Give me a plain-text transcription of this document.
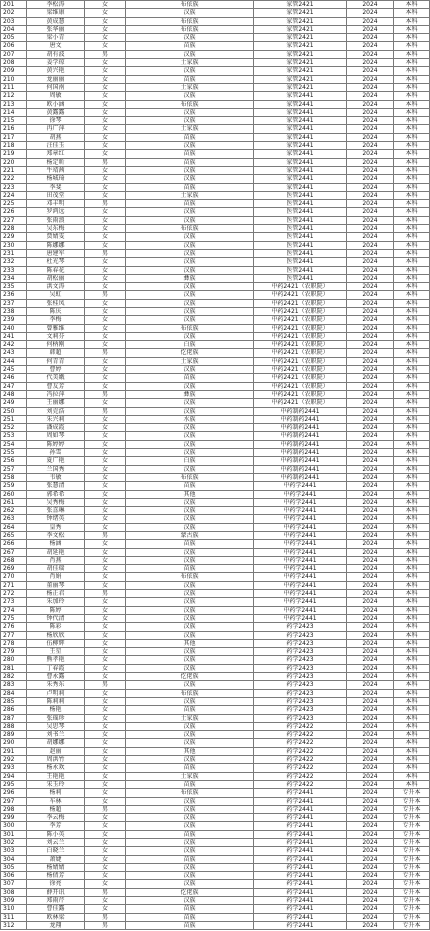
201	李松涛	女	布依族	家管2421	2024	本科
202	梁维康	女	汉族	家管2421	2024	本科
203	黄成慧	女	布依族	家管2421	2024	本科
204	张华丽	女	布依族	家管2421	2024	本科
205	梁小青	女	汉族	家管2421	2024	本科
206	唐文	女	苗族	家管2421	2024	本科
207	胡有波	男	汉族	家管2421	2024	本科
208	姜学琼	女	土家族	家管2421	2024	本科
209	黄兴艳	女	汉族	家管2421	2024	本科
210	龙丽丽	女	苗族	家管2421	2024	本科
211	何国南	女	土家族	家管2421	2024	本科
212	周敏	女	汉族	家管2441	2024	本科
213	欧小涵	女	布依族	家管2441	2024	本科
214	黄露露	女	汉族	家管2441	2024	本科
215	徐琴	女	汉族	家管2441	2024	本科
216	冉广萍	女	土家族	家管2441	2024	本科
217	胡燕	女	苗族	家管2441	2024	本科
218	汪佳玉	女	汉族	家管2441	2024	本科
219	郑章红	女	苗族	家管2441	2024	本科
220	杨定昕	男	苗族	家管2441	2024	本科
221	牛靖茜	女	汉族	家管2441	2024	本科
222	杨城琦	女	汉族	家管2441	2024	本科
223	李斐	女	苗族	家管2441	2024	本科
224	田茂堂	女	土家族	医管2441	2024	本科
225	邓丰明	男	苗族	医管2441	2024	本科
226	罗鸿远	女	汉族	医管2441	2024	本科
227	张雨浪	女	汉族	医管2441	2024	本科
228	吴东梅	女	布依族	医管2441	2024	本科
229	贾婧雯	女	汉族	医管2441	2024	本科
230	陈娜娜	女	汉族	医管2441	2024	本科
231	唐建军	男	汉族	医管2441	2024	本科
232	杜光琴	女	汉族	医管2441	2024	本科
233	陈春花	女	汉族	医管2441	2024	本科
234	胡松丽	女	彝族	医管2441	2024	本科
235	洪文涛	女	汉族	中药2421（农职院）	2024	本科
236	吴虹	男	汉族	中药2421（农职院）	2024	本科
237	张桂凤	女	汉族	中药2421（农职院）	2024	本科
238	陈庆	女	汉族	中药2421（农职院）	2024	本科
239	李梅	女	汉族	中药2421（农职院）	2024	本科
240	曾雅维	女	布依族	中药2421（农职院）	2024	本科
241	文莉芬	女	汉族	中药2421（农职院）	2024	本科
242	何柄刚	女	白族	中药2421（农职院）	2024	本科
243	韩超	男	仡佬族	中药2421（农职院）	2024	本科
244	何青青	女	土家族	中药2421（农职院）	2024	本科
245	曹婷	女	汉族	中药2421（农职院）	2024	本科
246	代美娥	女	苗族	中药2421（农职院）	2024	本科
247	曹友芳	女	汉族	中药2421（农职院）	2024	本科
248	冯拉萍	男	彝族	中药2421（农职院）	2024	本科
249	王丽娜	女	汉族	中药2421（农职院）	2024	本科
250	刘克浩	男	汉族	中药制药2441	2024	本科
251	朱兴莉	女	水族	中药制药2441	2024	本科
252	潘成霞	女	汉族	中药制药2441	2024	本科
253	周如琴	女	汉族	中药制药2441	2024	本科
254	陈婷婷	女	汉族	中药制药2441	2024	本科
255	孙雪	女	汉族	中药制药2441	2024	本科
256	夏广艳	女	白族	中药制药2441	2024	本科
257	兰国秀	女	汉族	中药制药2441	2024	本科
258	韦敏	女	布依族	中药制药2441	2024	本科
259	张慧清	女	苗族	中药学2441	2024	本科
260	郭希希	女	其他	中药学2441	2024	本科
261	吴秀梅	女	汉族	中药学2441	2024	本科
262	张喜琳	女	汉族	中药学2441	2024	本科
263	钟绪英	女	汉族	中药学2441	2024	本科
264	皇秀	女	汉族	中药学2441	2024	本科
265	李文松	男	蒙古族	中药学2441	2024	本科
266	杨涵	女	苗族	中药学2441	2024	本科
267	胡延艳	女	汉族	中药学2441	2024	本科
268	肖燕	女	汉族	中药学2441	2024	本科
269	胡佳瑞	女	苗族	中药学2441	2024	本科
270	肖娟	女	布依族	中药学2441	2024	本科
271	董丽琴	女	汉族	中药学2441	2024	本科
272	杨正君	男	汉族	中药学2441	2024	本科
273	朱加玲	女	汉族	中药学2441	2024	本科
274	陈婷	女	汉族	中药学2441	2024	本科
275	钟代清	女	汉族	中药学2441	2024	本科
276	陈彩	女	汉族	药学2423	2024	本科
277	杨欣欣	女	汉族	药学2423	2024	本科
278	伍柳辉	女	其他	药学2423	2024	本科
279	王星	女	汉族	药学2423	2024	本科
280	熊孝艳	女	汉族	药学2423	2024	本科
281	丁春霞	女	汉族	药学2423	2024	本科
282	曹永露	女	仡佬族	药学2423	2024	本科
283	朱秀东	男	汉族	药学2423	2024	本科
284	卢明莉	女	布依族	药学2423	2024	本科
285	陈莉莉	女	汉族	药学2423	2024	本科
286	杨艳	女	苗族	药学2423	2024	本科
287	张瑶珍	女	土家族	药学2423	2024	本科
288	吴思琴	女	汉族	药学2422	2024	本科
289	刘书兰	女	汉族	药学2422	2024	本科
290	胡娜娜	女	汉族	药学2422	2024	本科
291	赵丽	女	其他	药学2422	2024	本科
292	周洪竹	女	汉族	药学2422	2024	本科
293	杨永欢	女	苗族	药学2422	2024	本科
294	王艳艳	女	土家族	药学2422	2024	本科
295	宋玉玲	女	苗族	药学2422	2024	本科
296	杨莉	女	布依族	药学2441	2024	专升本
297	车林	女	汉族	药学2441	2024	专升本
298	杨超	男	汉族	药学2441	2024	专升本
299	李云梅	女	汉族	药学2441	2024	专升本
300	李芳	女	汉族	药学2441	2024	专升本
301	陈小英	女	苗族	药学2441	2024	专升本
302	刘云兰	女	汉族	药学2441	2024	专升本
303	白晓兰	女	汉族	药学2441	2024	专升本
304	萧婕	女	苗族	药学2441	2024	专升本
305	杨婧婧	女	汉族	药学2441	2024	专升本
306	杨倩芳	女	汉族	药学2441	2024	专升本
307	徐亮	女	汉族	药学2441	2024	专升本
308	薛开讯	男	仡佬族	药学2441	2024	专升本
309	郑雨芹	女	汉族	药学2441	2024	专升本
310	曹佳露	女	苗族	药学2441	2024	专升本
311	欧林梁	男	苗族	药学2441	2024	专升本
312	龙翔	男	苗族	药学2441	2024	专升本
